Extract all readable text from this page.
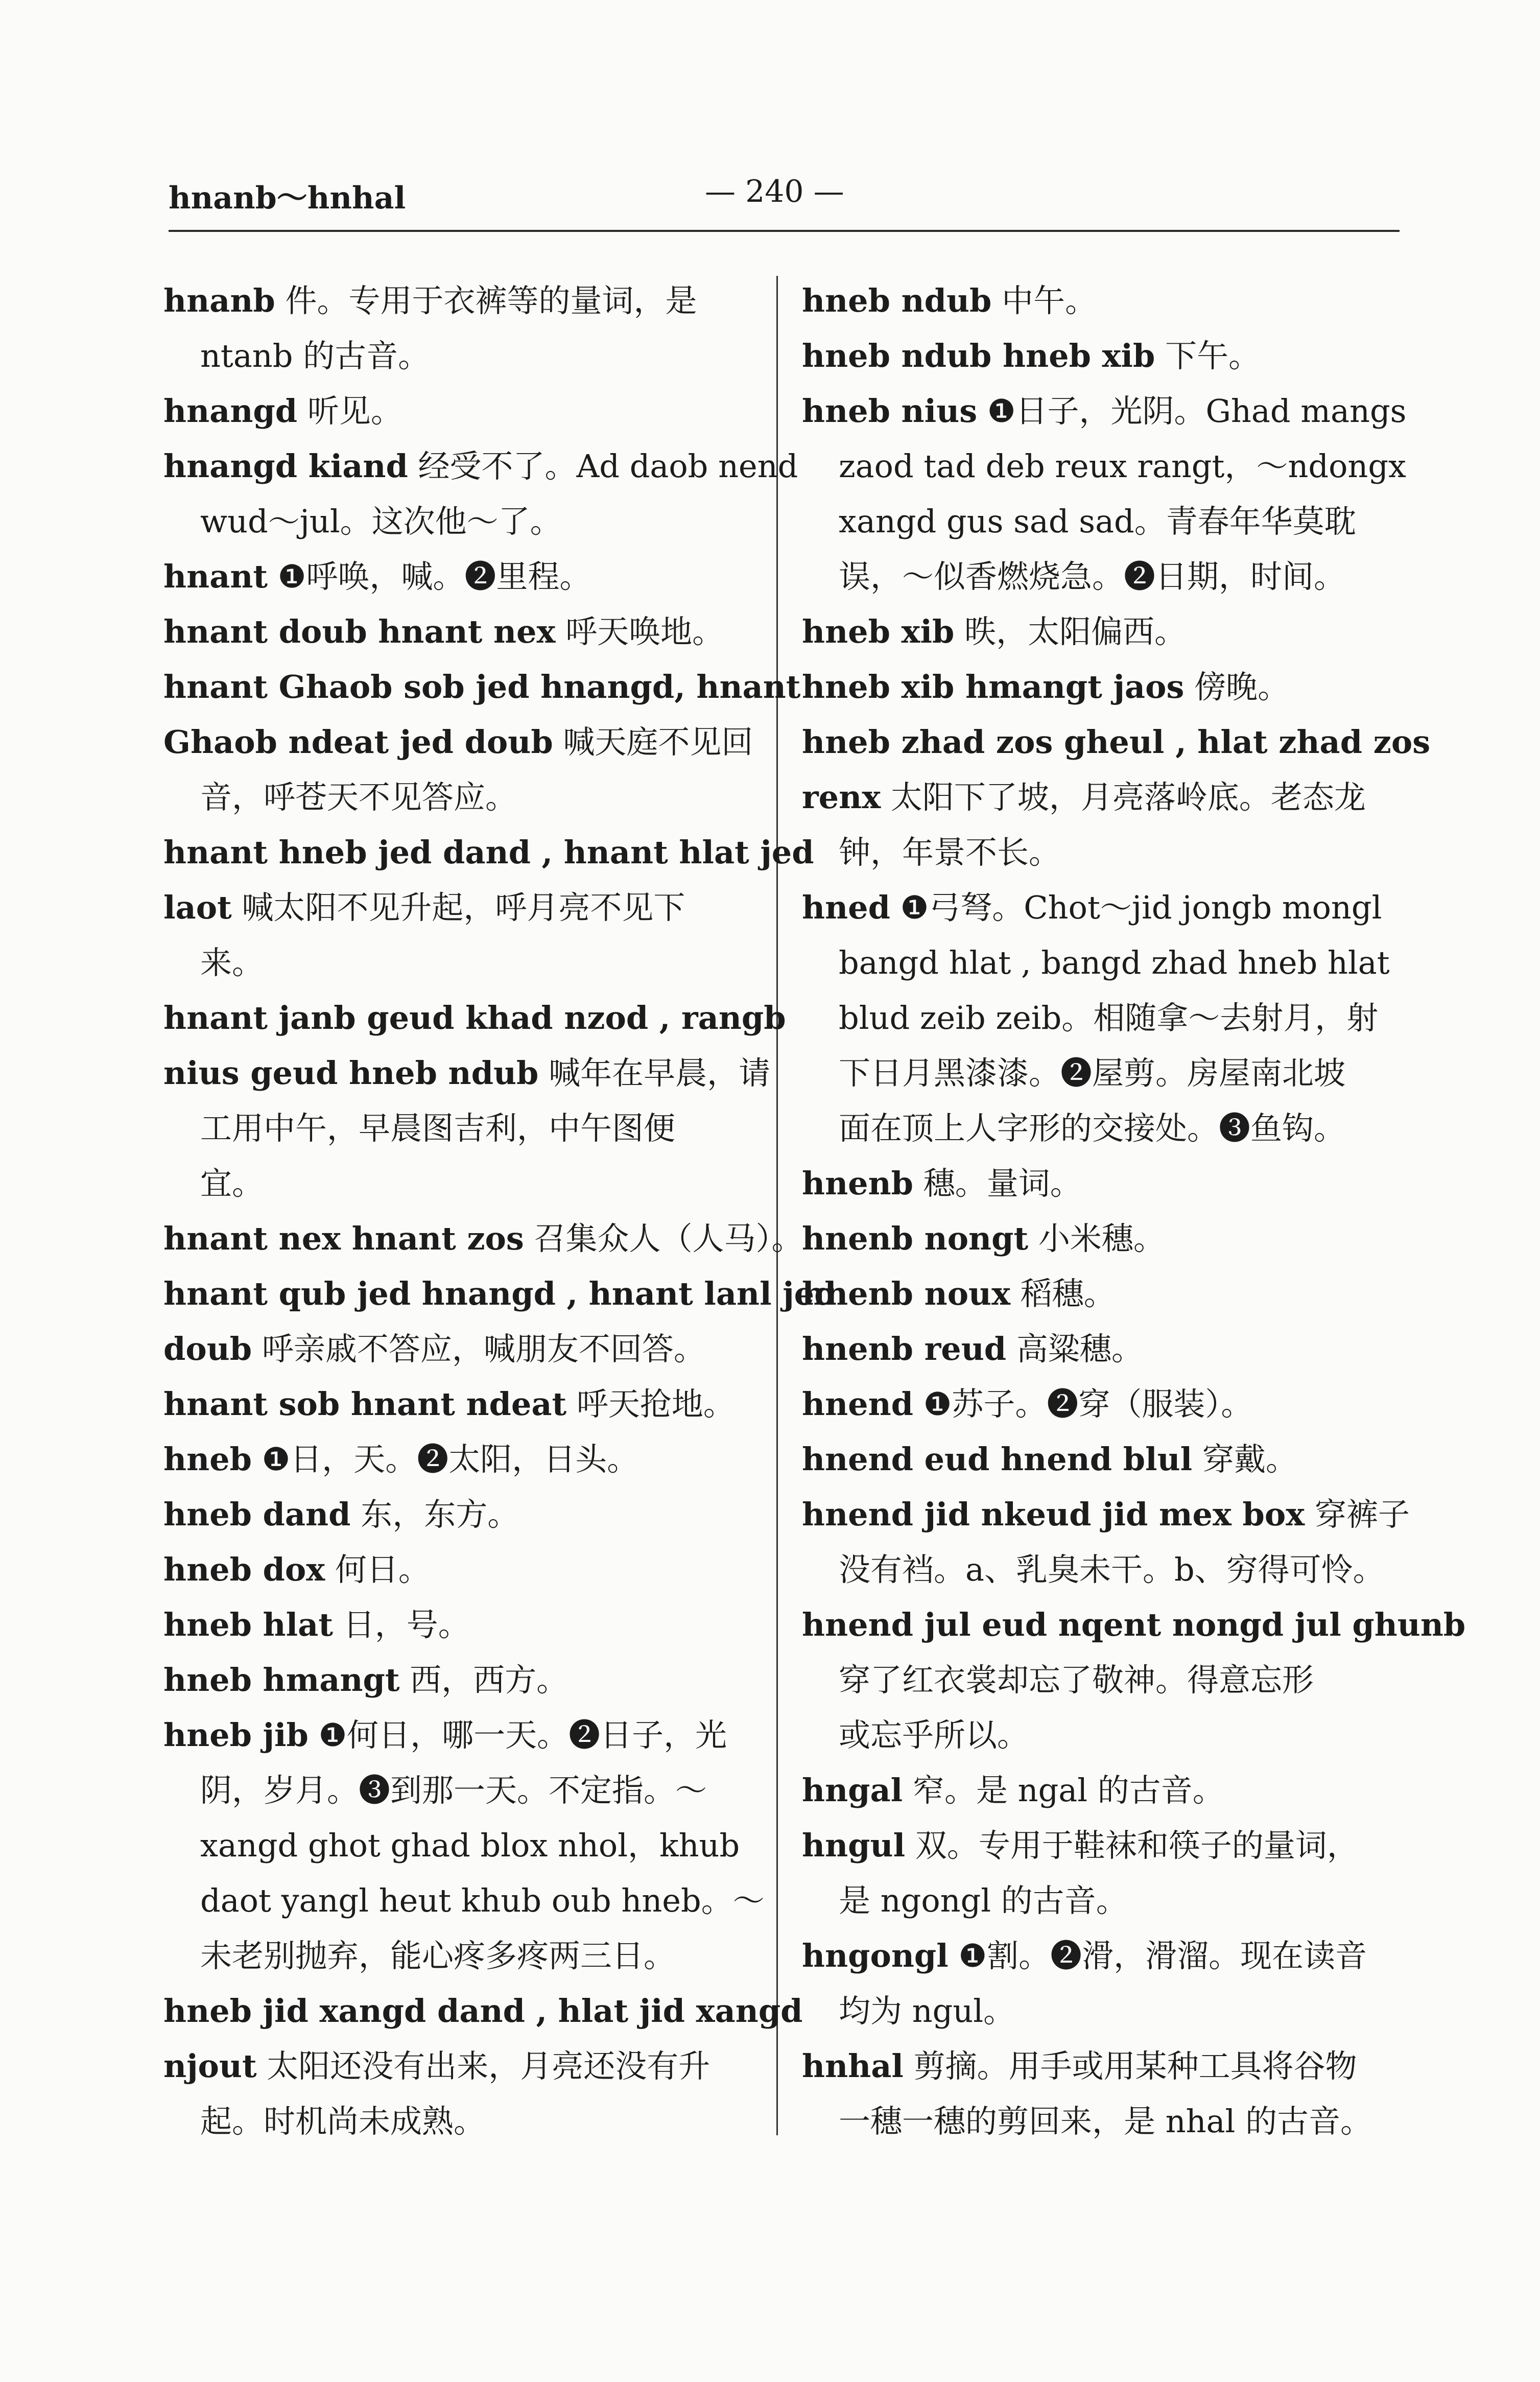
hnanb～hnhal	— 240 —
hnanb 件。专用于衣裤等的量词，是
ntanb 的古音。
hnangd 听见。
hnangd kiand 经受不了。Ad daob nend
wud～jul。这次他～了。
hnant ❶呼唤，喊。❷里程。
hnant doub hnant nex 呼天唤地。
hnant Ghaob sob jed hnangd, hnant
Ghaob ndeat jed doub 喊天庭不见回
音，呼苍天不见答应。
hnant hneb jed dand , hnant hlat jed
laot 喊太阳不见升起，呼月亮不见下
来。
hnant janb geud khad nzod , rangb
nius geud hneb ndub 喊年在早晨，请
工用中午，早晨图吉利，中午图便
宜。
hnant nex hnant zos 召集众人（人马）。
hnant qub jed hnangd , hnant lanl jed
doub 呼亲戚不答应，喊朋友不回答。
hnant sob hnant ndeat 呼天抢地。
hneb ❶日，天。❷太阳，日头。
hneb dand 东，东方。
hneb dox 何日。
hneb hlat 日，号。
hneb hmangt 西，西方。
hneb jib ❶何日，哪一天。❷日子，光
阴，岁月。❸到那一天。不定指。～
xangd ghot ghad blox nhol，khub
daot yangl heut khub oub hneb。～
未老别抛弃，能心疼多疼两三日。
hneb jid xangd dand , hlat jid xangd
njout 太阳还没有出来，月亮还没有升
起。时机尚未成熟。
hneb ndub 中午。
hneb ndub hneb xib 下午。
hneb nius ❶日子，光阴。Ghad mangs
zaod tad deb reux rangt，～ndongx
xangd gus sad sad。青春年华莫耽
误，～似香燃烧急。❷日期，时间。
hneb xib 昳，太阳偏西。
hneb xib hmangt jaos 傍晚。
hneb zhad zos gheul , hlat zhad zos
renx 太阳下了坡，月亮落岭底。老态龙
钟，年景不长。
hned ❶弓弩。Chot～jid jongb mongl
bangd hlat , bangd zhad hneb hlat
blud zeib zeib。相随拿～去射月，射
下日月黑漆漆。❷屋剪。房屋南北坡
面在顶上人字形的交接处。❸鱼钩。
hnenb 穗。量词。
hnenb nongt 小米穗。
hnenb noux 稻穗。
hnenb reud 高粱穗。
hnend ❶苏子。❷穿（服装）。
hnend eud hnend blul 穿戴。
hnend jid nkeud jid mex box 穿裤子
没有裆。a、乳臭未干。b、穷得可怜。
hnend jul eud nqent nongd jul ghunb
穿了红衣裳却忘了敬神。得意忘形
或忘乎所以。
hngal 窄。是 ngal 的古音。
hngul 双。专用于鞋袜和筷子的量词，
是 ngongl 的古音。
hngongl ❶割。❷滑，滑溜。现在读音
均为 ngul。
hnhal 剪摘。用手或用某种工具将谷物
一穗一穗的剪回来，是 nhal 的古音。
